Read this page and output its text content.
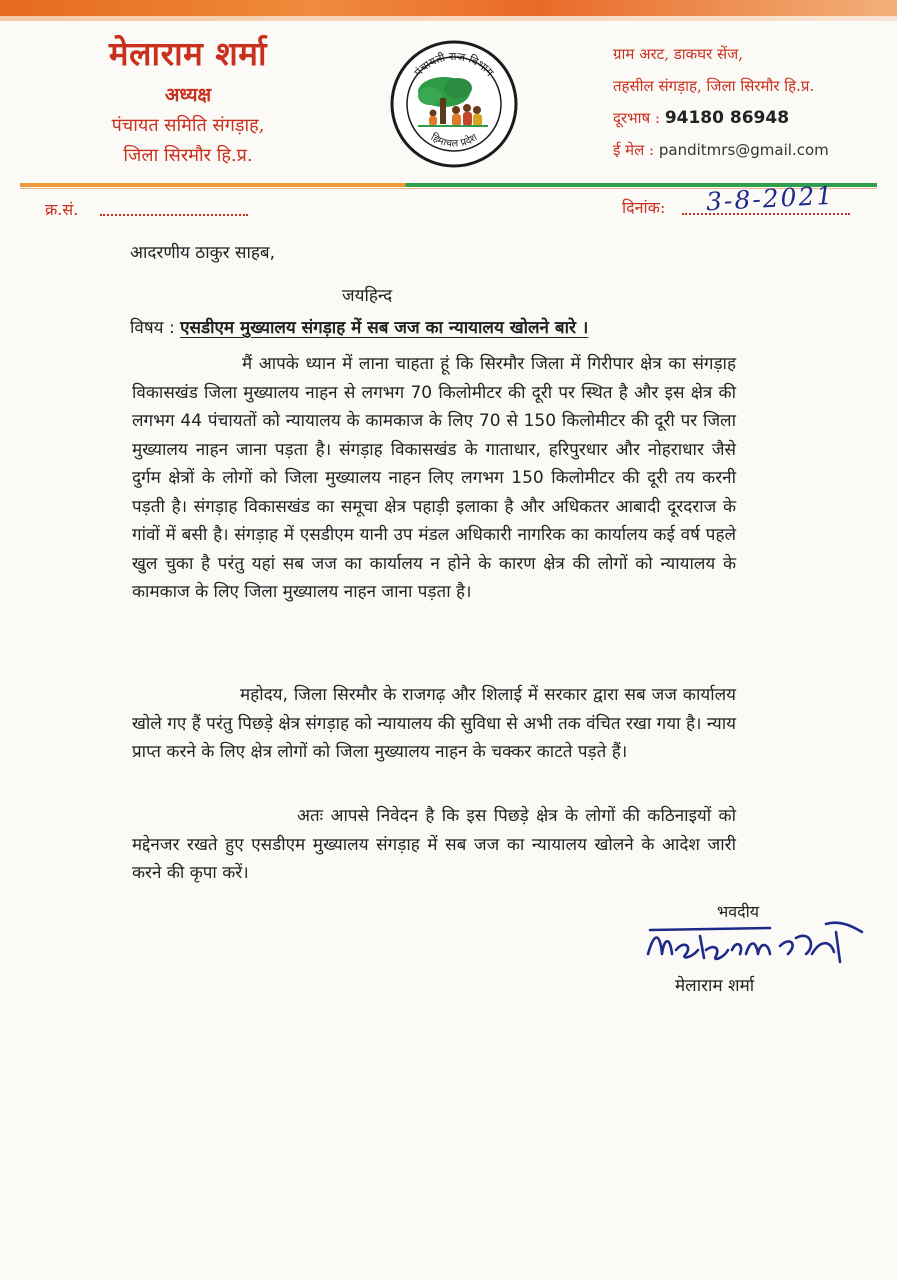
मेलाराम शर्मा
अध्यक्ष
पंचायत समिति संगड़ाह,
जिला सिरमौर हि.प्र.
पंचायती राज विभाग
हिमाचल प्रदेश
ग्राम अरट, डाकघर सेंज,
तहसील संगड़ाह, जिला सिरमौर हि.प्र.
दूरभाष : 94180 86948
ई मेल : panditmrs@gmail.com
क्र.सं.	दिनांक: 3-8-2021
आदरणीय ठाकुर साहब,
जयहिन्द
विषय : एसडीएम मुख्यालय संगड़ाह में सब जज का न्यायालय खोलने बारे ।
मैं आपके ध्यान में लाना चाहता हूं कि सिरमौर जिला में गिरीपार क्षेत्र का संगड़ाह विकासखंड जिला मुख्यालय नाहन से लगभग 70 किलोमीटर की दूरी पर स्थित है और इस क्षेत्र की लगभग 44 पंचायतों को न्यायालय के कामकाज के लिए 70 से 150 किलोमीटर की दूरी पर जिला मुख्यालय नाहन जाना पड़ता है। संगड़ाह विकासखंड के गाताधार, हरिपुरधार और नोहराधार जैसे दुर्गम क्षेत्रों के लोगों को जिला मुख्यालय नाहन लिए लगभग 150 किलोमीटर की दूरी तय करनी पड़ती है। संगड़ाह विकासखंड का समूचा क्षेत्र पहाड़ी इलाका है और अधिकतर आबादी दूरदराज के गांवों में बसी है। संगड़ाह में एसडीएम यानी उप मंडल अधिकारी नागरिक का कार्यालय कई वर्ष पहले खुल चुका है परंतु यहां सब जज का कार्यालय न होने के कारण क्षेत्र की लोगों को न्यायालय के कामकाज के लिए जिला मुख्यालय नाहन जाना पड़ता है।
महोदय, जिला सिरमौर के राजगढ़ और शिलाई में सरकार द्वारा सब जज कार्यालय खोले गए हैं परंतु पिछड़े क्षेत्र संगड़ाह को न्यायालय की सुविधा से अभी तक वंचित रखा गया है। न्याय प्राप्त करने के लिए क्षेत्र लोगों को जिला मुख्यालय नाहन के चक्कर काटते पड़ते हैं।
अतः आपसे निवेदन है कि इस पिछड़े क्षेत्र के लोगों की कठिनाइयों को मद्देनजर रखते हुए एसडीएम मुख्यालय संगड़ाह में सब जज का न्यायालय खोलने के आदेश जारी करने की कृपा करें।
भवदीय
मेलाराम शर्मा
